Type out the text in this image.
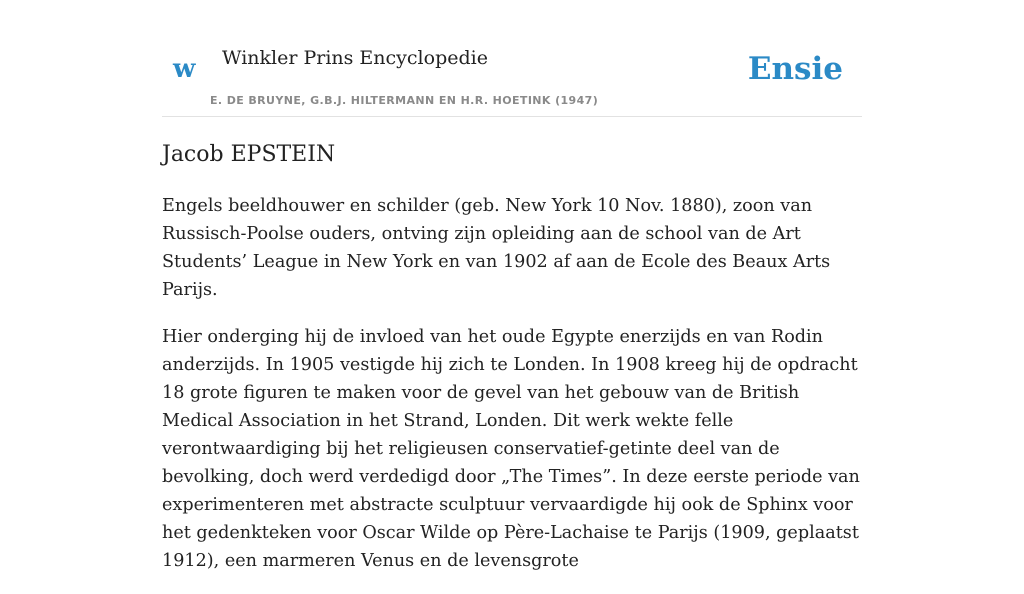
w Winkler Prins Encyclopedie
E. DE BRUYNE, G.B.J. HILTERMANN EN H.R. HOETINK (1947)
Ensie
Jacob EPSTEIN

Engels beeldhouwer en schilder (geb. New York 10 Nov. 1880), zoon van Russisch-Poolse ouders, ontving zijn opleiding aan de school van de Art Students’ League in New York en van 1902 af aan de Ecole des Beaux Arts Parijs.

Hier onderging hij de invloed van het oude Egypte enerzijds en van Rodin anderzijds. In 1905 vestigde hij zich te Londen. In 1908 kreeg hij de opdracht 18 grote figuren te maken voor de gevel van het gebouw van de British Medical Association in het Strand, Londen. Dit werk wekte felle verontwaardiging bij het religieusen conservatief-getinte deel van de bevolking, doch werd verdedigd door „The Times”. In deze eerste periode van experimenteren met abstracte sculptuur vervaardigde hij ook de Sphinx voor het gedenkteken voor Oscar Wilde op Père-Lachaise te Parijs (1909, geplaatst 1912), een marmeren Venus en de levensgrote
